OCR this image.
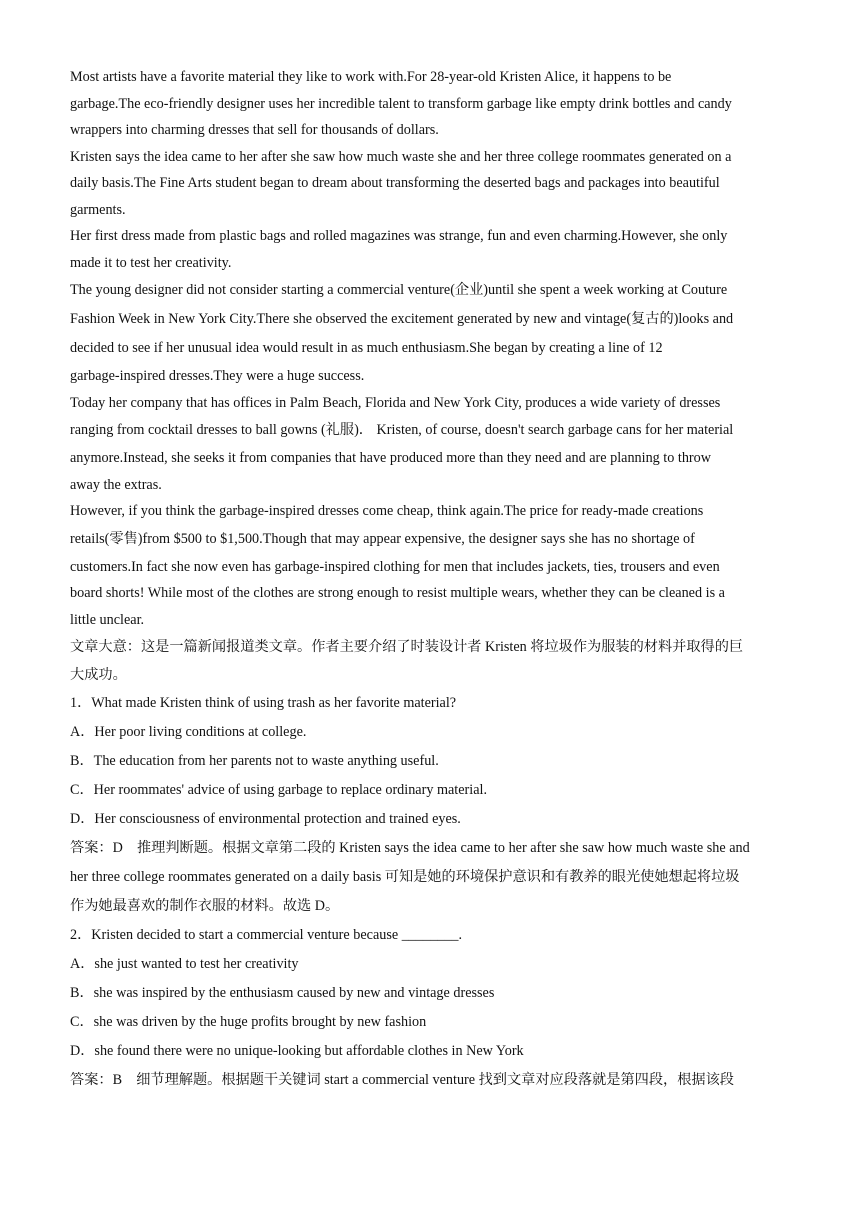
Most artists have a favorite material they like to work with.For 28-year-old Kristen Alice, it happens to be
garbage.The eco-friendly designer uses her incredible talent to transform garbage like empty drink bottles and candy
wrappers into charming dresses that sell for thousands of dollars.
Kristen says the idea came to her after she saw how much waste she and her three college roommates generated on a
daily basis.The Fine Arts student began to dream about transforming the deserted bags and packages into beautiful
garments.
Her first dress made from plastic bags and rolled magazines was strange, fun and even charming.However, she only
made it to test her creativity.
The young designer did not consider starting a commercial venture(企业)until she spent a week working at Couture
Fashion Week in New York City.There she observed the excitement generated by new and vintage(复古的)looks and
decided to see if her unusual idea would result in as much enthusiasm.She began by creating a line of 12
garbage-inspired dresses.They were a huge success.
Today her company that has offices in Palm Beach, Florida and New York City, produces a wide variety of dresses
ranging from cocktail dresses to ball gowns (礼服)． Kristen, of course, doesn't search garbage cans for her material
anymore.Instead, she seeks it from companies that have produced more than they need and are planning to throw
away the extras.
However, if you think the garbage-inspired dresses come cheap, think again.The price for ready-made creations
retails(零售)from $500 to $1,500.Though that may appear expensive, the designer says she has no shortage of
customers.In fact she now even has garbage-inspired clothing for men that includes jackets, ties, trousers and even
board shorts! While most of the clothes are strong enough to resist multiple wears, whether they can be cleaned is a
little unclear.
文章大意：这是一篇新闻报道类文章。作者主要介绍了时装设计者 Kristen 将垃圾作为服装的材料并取得的巨
大成功。
1．What made Kristen think of using trash as her favorite material?
A．Her poor living conditions at college.
B．The education from her parents not to waste anything useful.
C．Her roommates' advice of using garbage to replace ordinary material.
D．Her consciousness of environmental protection and trained eyes.
答案：D　推理判断题。根据文章第二段的 Kristen says the idea came to her after she saw how much waste she and
her three college roommates generated on a daily basis 可知是她的环境保护意识和有教养的眼光使她想起将垃圾
作为她最喜欢的制作衣服的材料。故选 D。
2．Kristen decided to start a commercial venture because ________.
A．she just wanted to test her creativity
B．she was inspired by the enthusiasm caused by new and vintage dresses
C．she was driven by the huge profits brought by new fashion
D．she found there were no unique-looking but affordable clothes in New York
答案：B　细节理解题。根据题干关键词 start a commercial venture 找到文章对应段落就是第四段，根据该段
